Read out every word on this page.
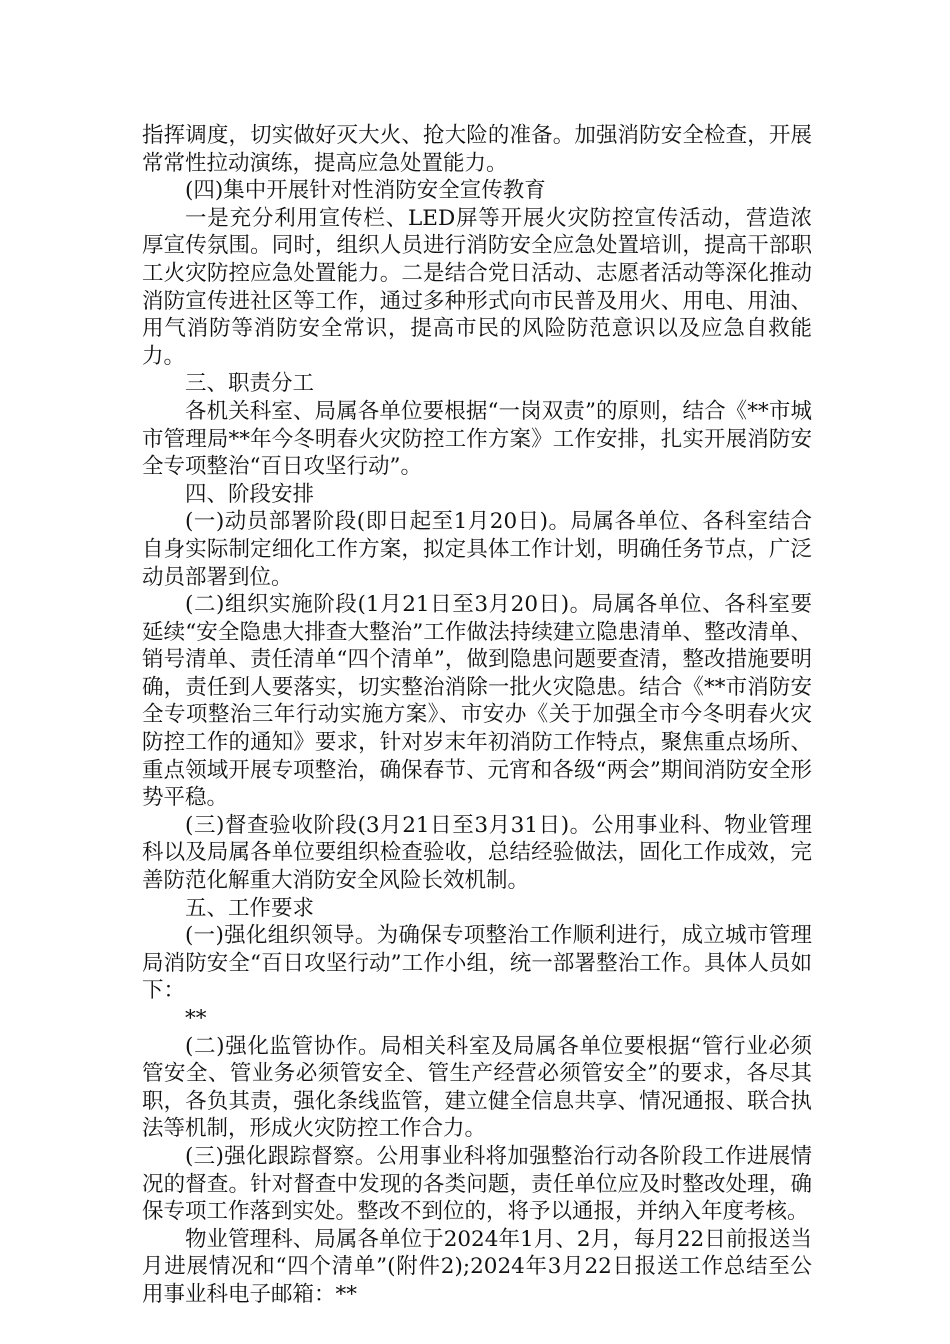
指挥调度，切实做好灭大火、抢大险的准备。加强消防安全检查，开展常常性拉动演练，提高应急处置能力。

(四)集中开展针对性消防安全宣传教育

一是充分利用宣传栏、LED屏等开展火灾防控宣传活动，营造浓厚宣传氛围。同时，组织人员进行消防安全应急处置培训，提高干部职工火灾防控应急处置能力。二是结合党日活动、志愿者活动等深化推动消防宣传进社区等工作，通过多种形式向市民普及用火、用电、用油、用气消防等消防安全常识，提高市民的风险防范意识以及应急自救能力。

三、职责分工

各机关科室、局属各单位要根据“一岗双责”的原则，结合《**市城市管理局**年今冬明春火灾防控工作方案》工作安排，扎实开展消防安全专项整治“百日攻坚行动”。

四、阶段安排

(一)动员部署阶段(即日起至1月20日)。局属各单位、各科室结合自身实际制定细化工作方案，拟定具体工作计划，明确任务节点，广泛动员部署到位。

(二)组织实施阶段(1月21日至3月20日)。局属各单位、各科室要延续“安全隐患大排查大整治”工作做法持续建立隐患清单、整改清单、销号清单、责任清单“四个清单”，做到隐患问题要查清，整改措施要明确，责任到人要落实，切实整治消除一批火灾隐患。结合《**市消防安全专项整治三年行动实施方案》、市安办《关于加强全市今冬明春火灾防控工作的通知》要求，针对岁末年初消防工作特点，聚焦重点场所、重点领域开展专项整治，确保春节、元宵和各级“两会”期间消防安全形势平稳。

(三)督查验收阶段(3月21日至3月31日)。公用事业科、物业管理科以及局属各单位要组织检查验收，总结经验做法，固化工作成效，完善防范化解重大消防安全风险长效机制。

五、工作要求

(一)强化组织领导。为确保专项整治工作顺利进行，成立城市管理局消防安全“百日攻坚行动”工作小组，统一部署整治工作。具体人员如下：

**

(二)强化监管协作。局相关科室及局属各单位要根据“管行业必须管安全、管业务必须管安全、管生产经营必须管安全”的要求，各尽其职，各负其责，强化条线监管，建立健全信息共享、情况通报、联合执法等机制，形成火灾防控工作合力。

(三)强化跟踪督察。公用事业科将加强整治行动各阶段工作进展情况的督查。针对督查中发现的各类问题，责任单位应及时整改处理，确保专项工作落到实处。整改不到位的，将予以通报，并纳入年度考核。

物业管理科、局属各单位于2024年1月、2月，每月22日前报送当月进展情况和“四个清单”(附件2);2024年3月22日报送工作总结至公用事业科电子邮箱：**
